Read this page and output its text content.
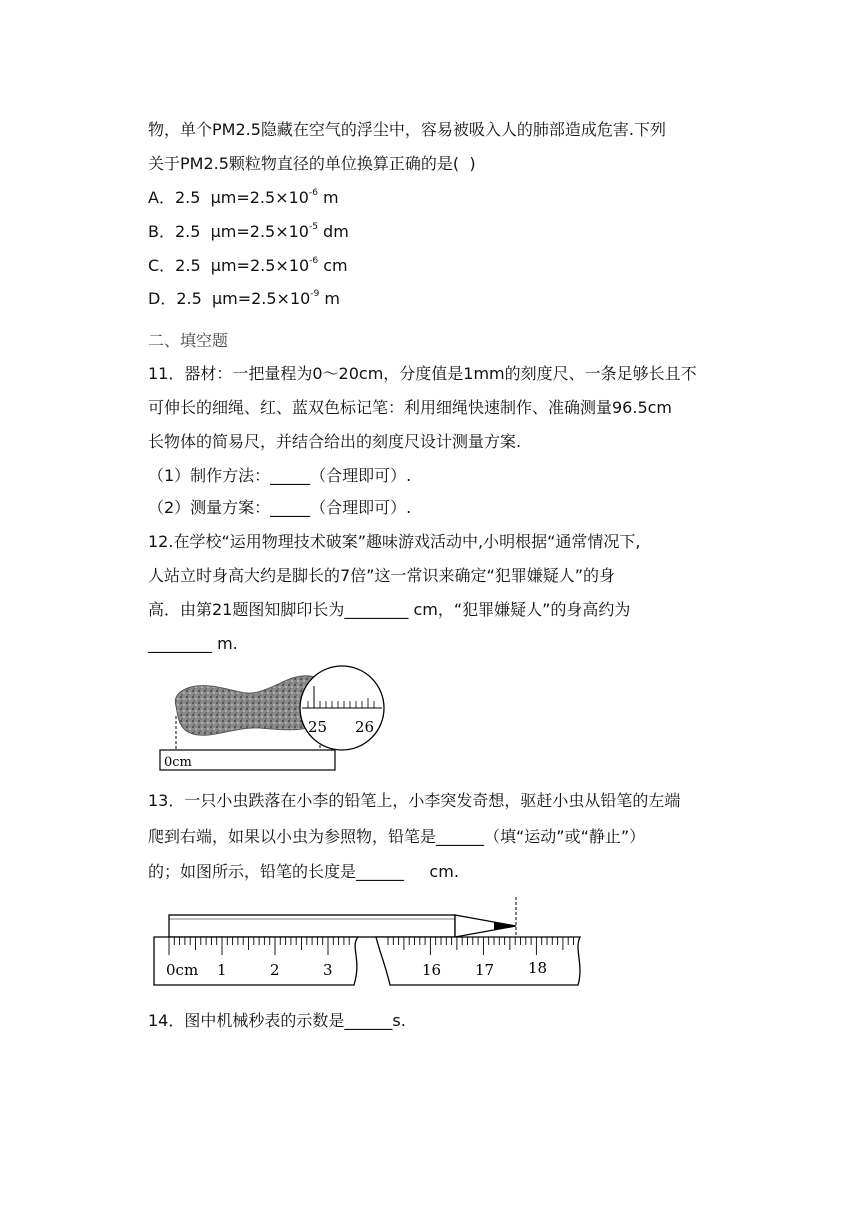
物，单个PM2.5隐藏在空气的浮尘中，容易被吸入人的肺部造成危害.下列
关于PM2.5颗粒物直径的单位换算正确的是(  )
A．2.5  $\mu m=2.5\times 10^{-6}$ m
B．2.5  $\mu m=2.5\times 10^{-5}$ dm
C．2.5  $\mu m=2.5\times 10^{-6}$ cm
D．2.5  $\mu m=2.5\times 10^{-9}$ m
二、填空题
11．器材：一把量程为0～20cm，分度值是1mm的刻度尺、一条足够长且不
可伸长的细绳、红、蓝双色标记笔：利用细绳快速制作、准确测量96.5cm
长物体的简易尺，并结合给出的刻度尺设计测量方案.
（1）制作方法：_____（合理即可）.
（2）测量方案：_____（合理即可）.
12.在学校“运用物理技术破案”趣味游戏活动中,小明根据“通常情况下,
人站立时身高大约是脚长的7倍”这一常识来确定“犯罪嫌疑人”的身
高．由第21题图知脚印长为________ cm，“犯罪嫌疑人”的身高约为
________ m.
0cm
25 26
13．一只小虫跌落在小李的铅笔上，小李突发奇想，驱赶小虫从铅笔的左端
爬到右端，如果以小虫为参照物，铅笔是______（填“运动”或“静止”）
的；如图所示，铅笔的长度是______     cm.
0cm 1	2	3	16 17 18
14．图中机械秒表的示数是______s.
